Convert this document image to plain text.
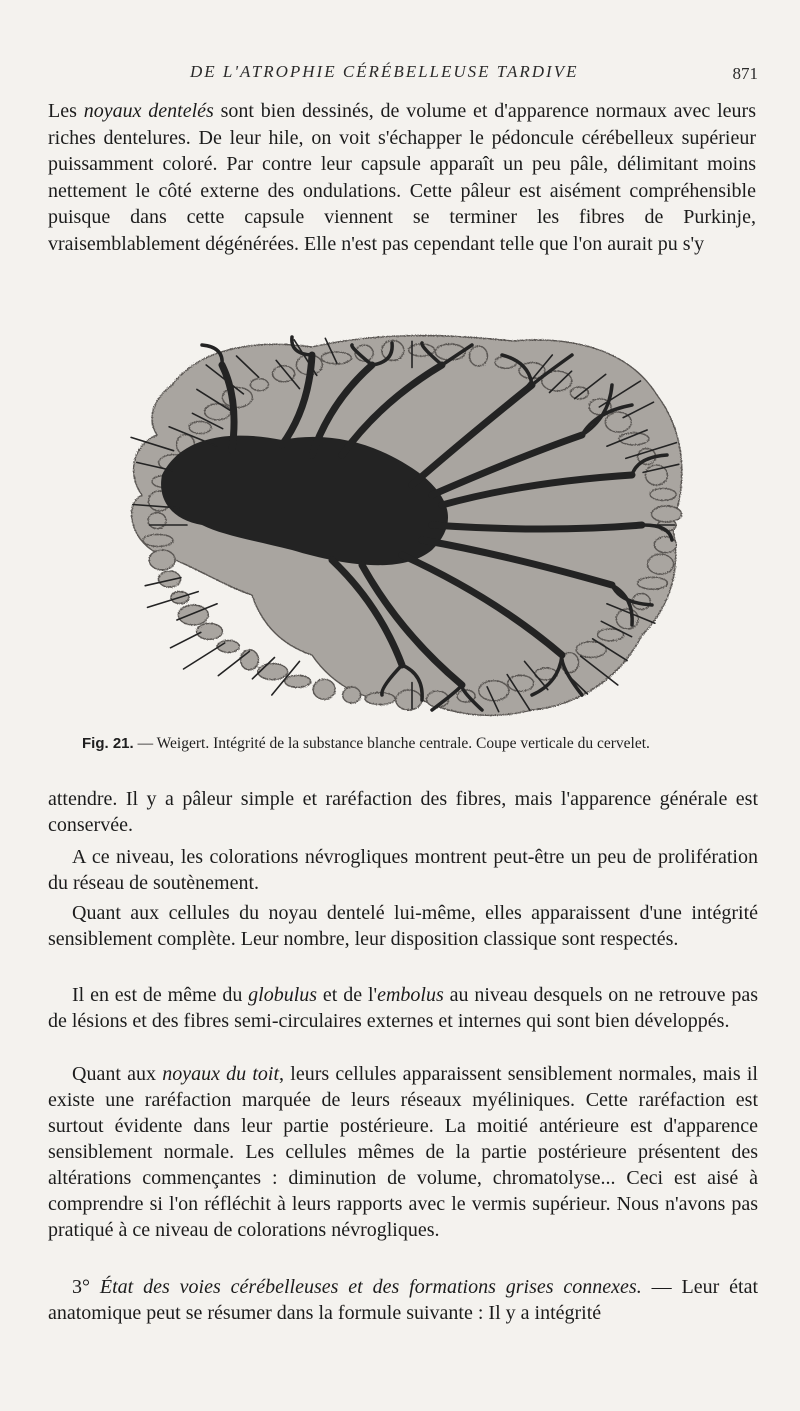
DE L'ATROPHIE CÉRÉBELLEUSE TARDIVE	871

Les noyaux dentelés sont bien dessinés, de volume et d'apparence normaux avec leurs riches dentelures. De leur hile, on voit s'échapper le pédoncule cérébelleux supérieur puissamment coloré. Par contre leur capsule apparaît un peu pâle, délimitant moins nettement le côté externe des ondulations. Cette pâleur est aisément compréhensible puisque dans cette capsule viennent se terminer les fibres de Purkinje, vraisemblablement dégénérées. Elle n'est pas cependant telle que l'on aurait pu s'y

Fig. 21. — Weigert. Intégrité de la substance blanche centrale. Coupe verticale du cervelet.

attendre. Il y a pâleur simple et raréfaction des fibres, mais l'apparence générale est conservée.

A ce niveau, les colorations névrogliques montrent peut-être un peu de prolifération du réseau de soutènement.

Quant aux cellules du noyau dentelé lui-même, elles apparaissent d'une intégrité sensiblement complète. Leur nombre, leur disposition classique sont respectés.

Il en est de même du globulus et de l'embolus au niveau desquels on ne retrouve pas de lésions et des fibres semi-circulaires externes et internes qui sont bien développés.

Quant aux noyaux du toit, leurs cellules apparaissent sensiblement normales, mais il existe une raréfaction marquée de leurs réseaux myéliniques. Cette raréfaction est surtout évidente dans leur partie postérieure. La moitié antérieure est d'apparence sensiblement normale. Les cellules mêmes de la partie postérieure présentent des altérations commençantes : diminution de volume, chromatolyse... Ceci est aisé à comprendre si l'on réfléchit à leurs rapports avec le vermis supérieur. Nous n'avons pas pratiqué à ce niveau de colorations névrogliques.

3° État des voies cérébelleuses et des formations grises connexes. — Leur état anatomique peut se résumer dans la formule suivante : Il y a intégrité
